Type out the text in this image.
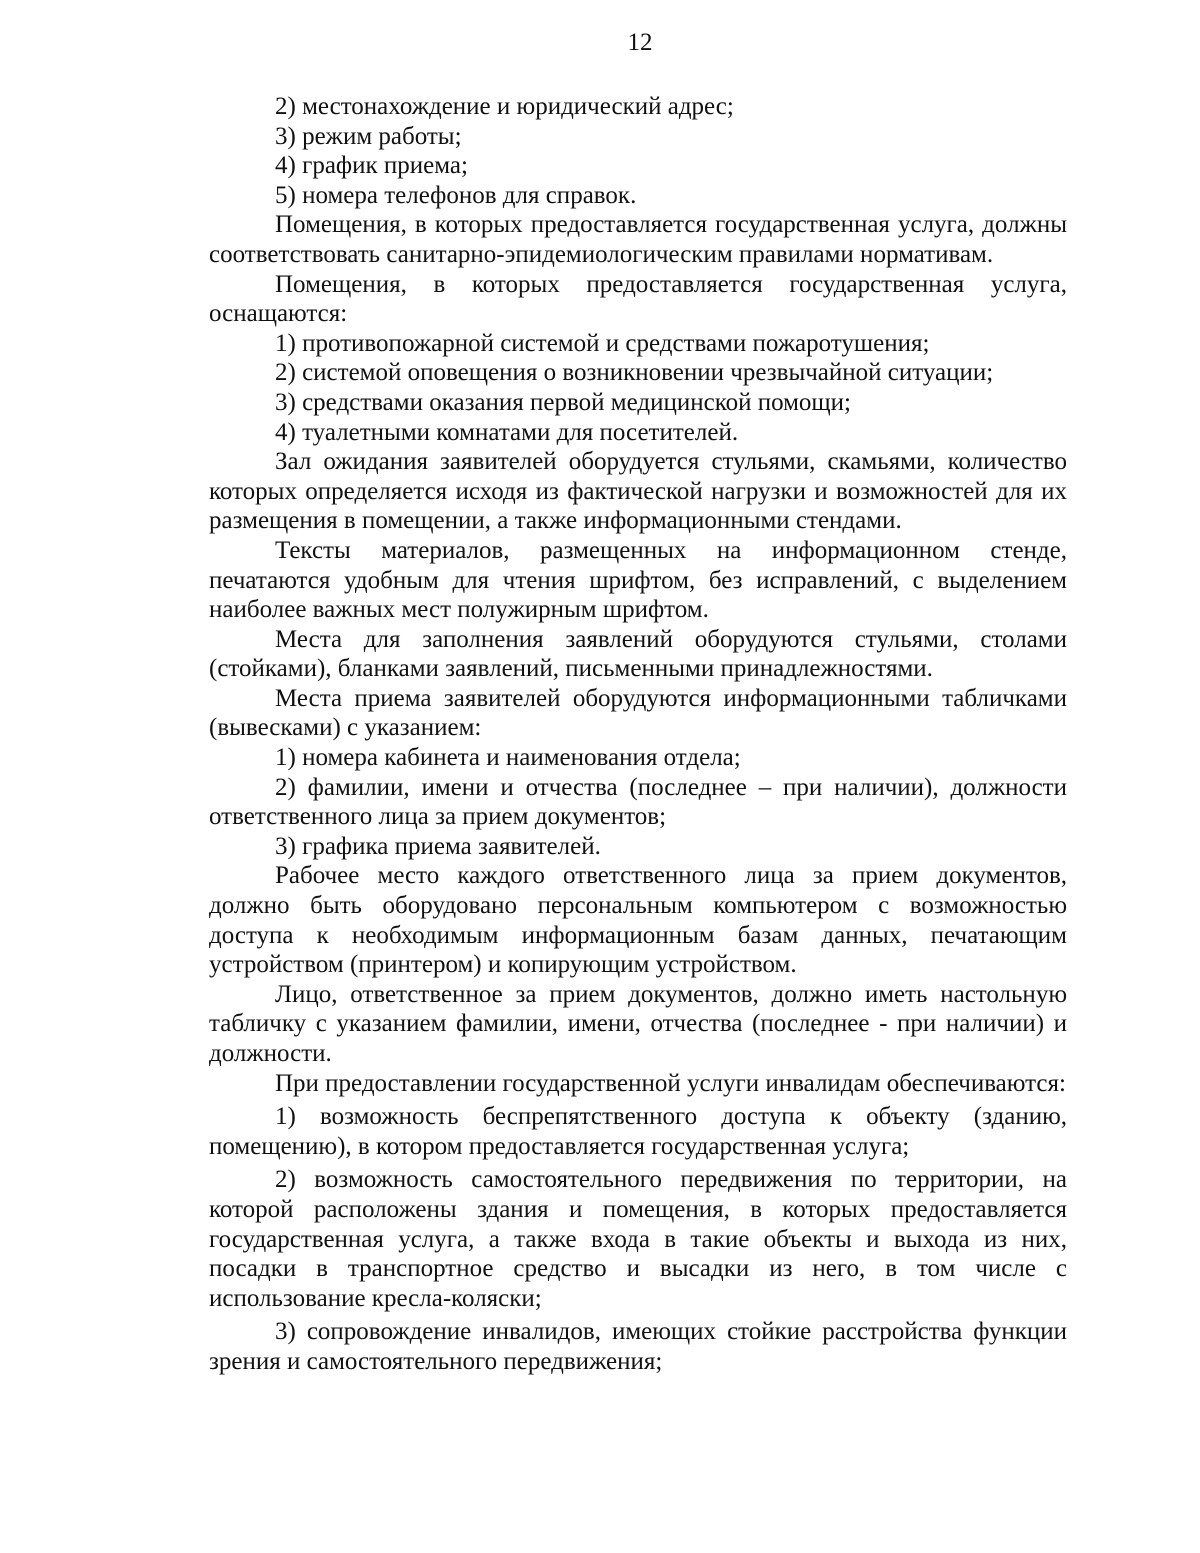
12

2) местонахождение и юридический адрес;

3) режим работы;

4) график приема;

5) номера телефонов для справок.

Помещения, в которых предоставляется государственная услуга, должны соответствовать санитарно-эпидемиологическим правилами нормативам.

Помещения, в которых предоставляется государственная услуга, оснащаются:

1) противопожарной системой и средствами пожаротушения;

2) системой оповещения о возникновении чрезвычайной ситуации;

3) средствами оказания первой медицинской помощи;

4) туалетными комнатами для посетителей.

Зал ожидания заявителей оборудуется стульями, скамьями, количество которых определяется исходя из фактической нагрузки и возможностей для их размещения в помещении, а также информационными стендами.

Тексты материалов, размещенных на информационном стенде, печатаются удобным для чтения шрифтом, без исправлений, с выделением наиболее важных мест полужирным шрифтом.

Места для заполнения заявлений оборудуются стульями, столами (стойками), бланками заявлений, письменными принадлежностями.

Места приема заявителей оборудуются информационными табличками (вывесками) с указанием:

1) номера кабинета и наименования отдела;

2) фамилии, имени и отчества (последнее – при наличии), должности ответственного лица за прием документов;

3) графика приема заявителей.

Рабочее место каждого ответственного лица за прием документов, должно быть оборудовано персональным компьютером с возможностью доступа к необходимым информационным базам данных, печатающим устройством (принтером) и копирующим устройством.

Лицо, ответственное за прием документов, должно иметь настольную табличку с указанием фамилии, имени, отчества (последнее - при наличии) и должности.

При предоставлении государственной услуги инвалидам обеспечиваются:

1) возможность беспрепятственного доступа к объекту (зданию, помещению), в котором предоставляется государственная услуга;

2) возможность самостоятельного передвижения по территории, на которой расположены здания и помещения, в которых предоставляется государственная услуга, а также входа в такие объекты и выхода из них, посадки в транспортное средство и высадки из него, в том числе с использование кресла-коляски;

3) сопровождение инвалидов, имеющих стойкие расстройства функции зрения и самостоятельного передвижения;
